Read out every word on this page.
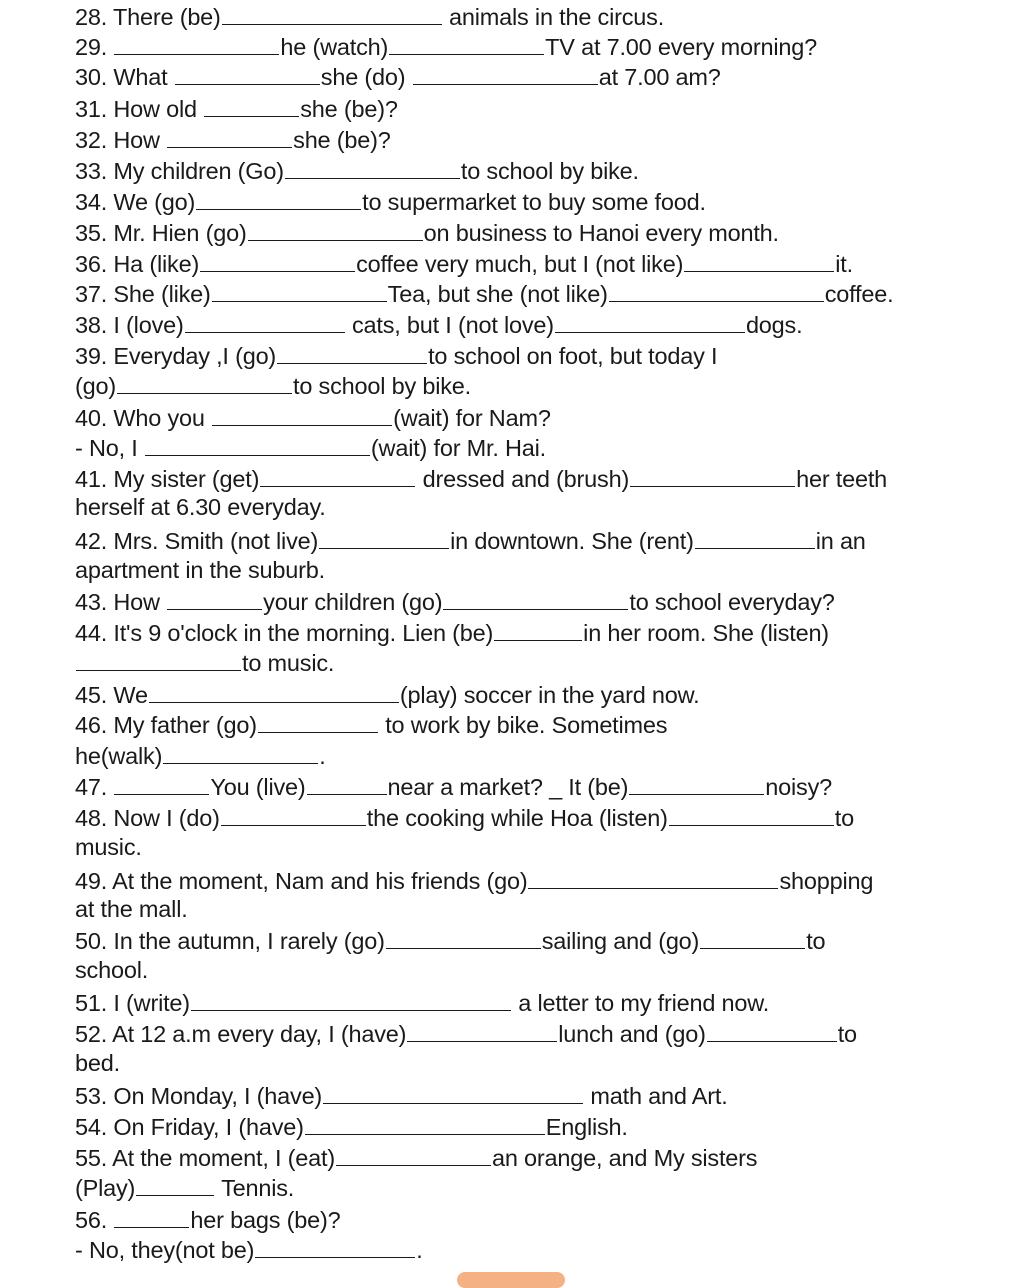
28. There (be)	animals in the circus.
29.	he (watch)	TV at 7.00 every morning?
30. What	she (do)	at 7.00 am?
31. How old	she (be)?
32. How	she (be)?
33. My children (Go)	to school by bike.
34. We (go)	to supermarket to buy some food.
35. Mr. Hien (go)	on business to Hanoi every month.
36. Ha (like)	coffee very much, but I (not like)	it.
37. She (like)	Tea, but she (not like)	coffee.
38. I (love)	cats, but I (not love)	dogs.
39. Everyday ,I (go)	to school on foot, but today I
(go)	to school by bike.
40. Who you	(wait) for Nam?
- No, I	(wait) for Mr. Hai.
41. My sister (get)	dressed and (brush)	her teeth
herself at 6.30 everyday.
42. Mrs. Smith (not live)	in downtown. She (rent)	in an
apartment in the suburb.
43. How	your children (go)	to school everyday?
44. It's 9 o'clock in the morning. Lien (be)	in her room. She (listen)
to music.
45. We	(play) soccer in the yard now.
46. My father (go)	to work by bike. Sometimes
he(walk)	.
47.	You (live)	near a market? _ It (be)	noisy?
48. Now I (do)	the cooking while Hoa (listen)	to
music.
49. At the moment, Nam and his friends (go)	shopping
at the mall.
50. In the autumn, I rarely (go)	sailing and (go)	to
school.
51. I (write)	a letter to my friend now.
52. At 12 a.m every day, I (have)	lunch and (go)	to
bed.
53. On Monday, I (have)	math and Art.
54. On Friday, I (have)	English.
55. At the moment, I (eat)	an orange, and My sisters
(Play)	Tennis.
56.	her bags (be)?
- No, they(not be)	.
